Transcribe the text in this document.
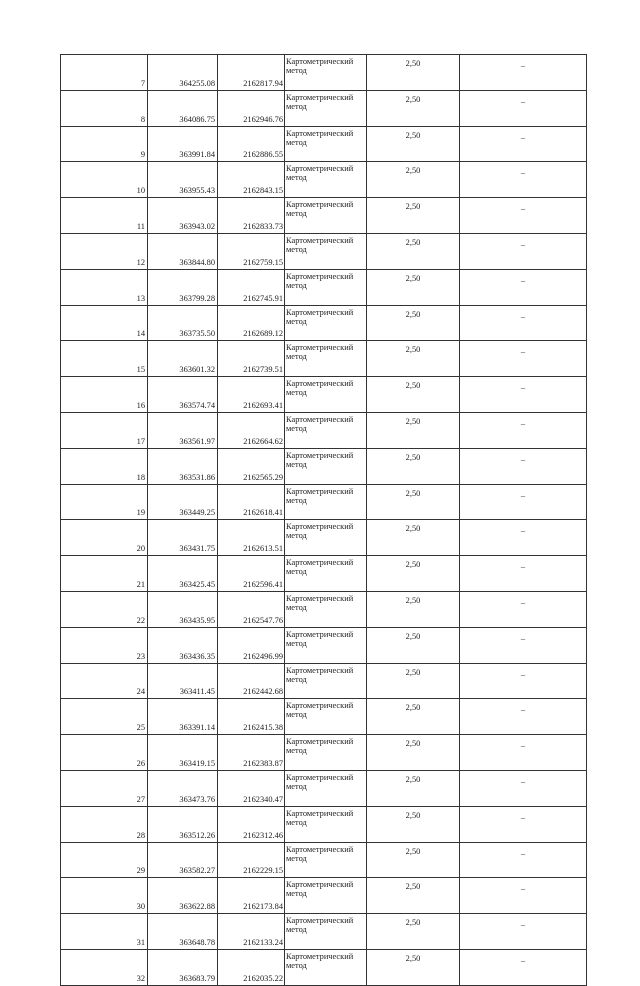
7	364255.08	2162817.94	Картометрический
метод	2,50	–
8	364086.75	2162946.76	Картометрический
метод	2,50	–
9	363991.84	2162886.55	Картометрический
метод	2,50	–
10	363955.43	2162843.15	Картометрический
метод	2,50	–
11	363943.02	2162833.73	Картометрический
метод	2,50	–
12	363844.80	2162759.15	Картометрический
метод	2,50	–
13	363799.28	2162745.91	Картометрический
метод	2,50	–
14	363735.50	2162689.12	Картометрический
метод	2,50	–
15	363601.32	2162739.51	Картометрический
метод	2,50	–
16	363574.74	2162693.41	Картометрический
метод	2,50	–
17	363561.97	2162664.62	Картометрический
метод	2,50	–
18	363531.86	2162565.29	Картометрический
метод	2,50	–
19	363449.25	2162618.41	Картометрический
метод	2,50	–
20	363431.75	2162613.51	Картометрический
метод	2,50	–
21	363425.45	2162596.41	Картометрический
метод	2,50	–
22	363435.95	2162547.76	Картометрический
метод	2,50	–
23	363436.35	2162496.99	Картометрический
метод	2,50	–
24	363411.45	2162442.68	Картометрический
метод	2,50	–
25	363391.14	2162415.38	Картометрический
метод	2,50	–
26	363419.15	2162383.87	Картометрический
метод	2,50	–
27	363473.76	2162340.47	Картометрический
метод	2,50	–
28	363512.26	2162312.46	Картометрический
метод	2,50	–
29	363582.27	2162229.15	Картометрический
метод	2,50	–
30	363622.88	2162173.84	Картометрический
метод	2,50	–
31	363648.78	2162133.24	Картометрический
метод	2,50	–
32	363683.79	2162035.22	Картометрический
метод	2,50	–
